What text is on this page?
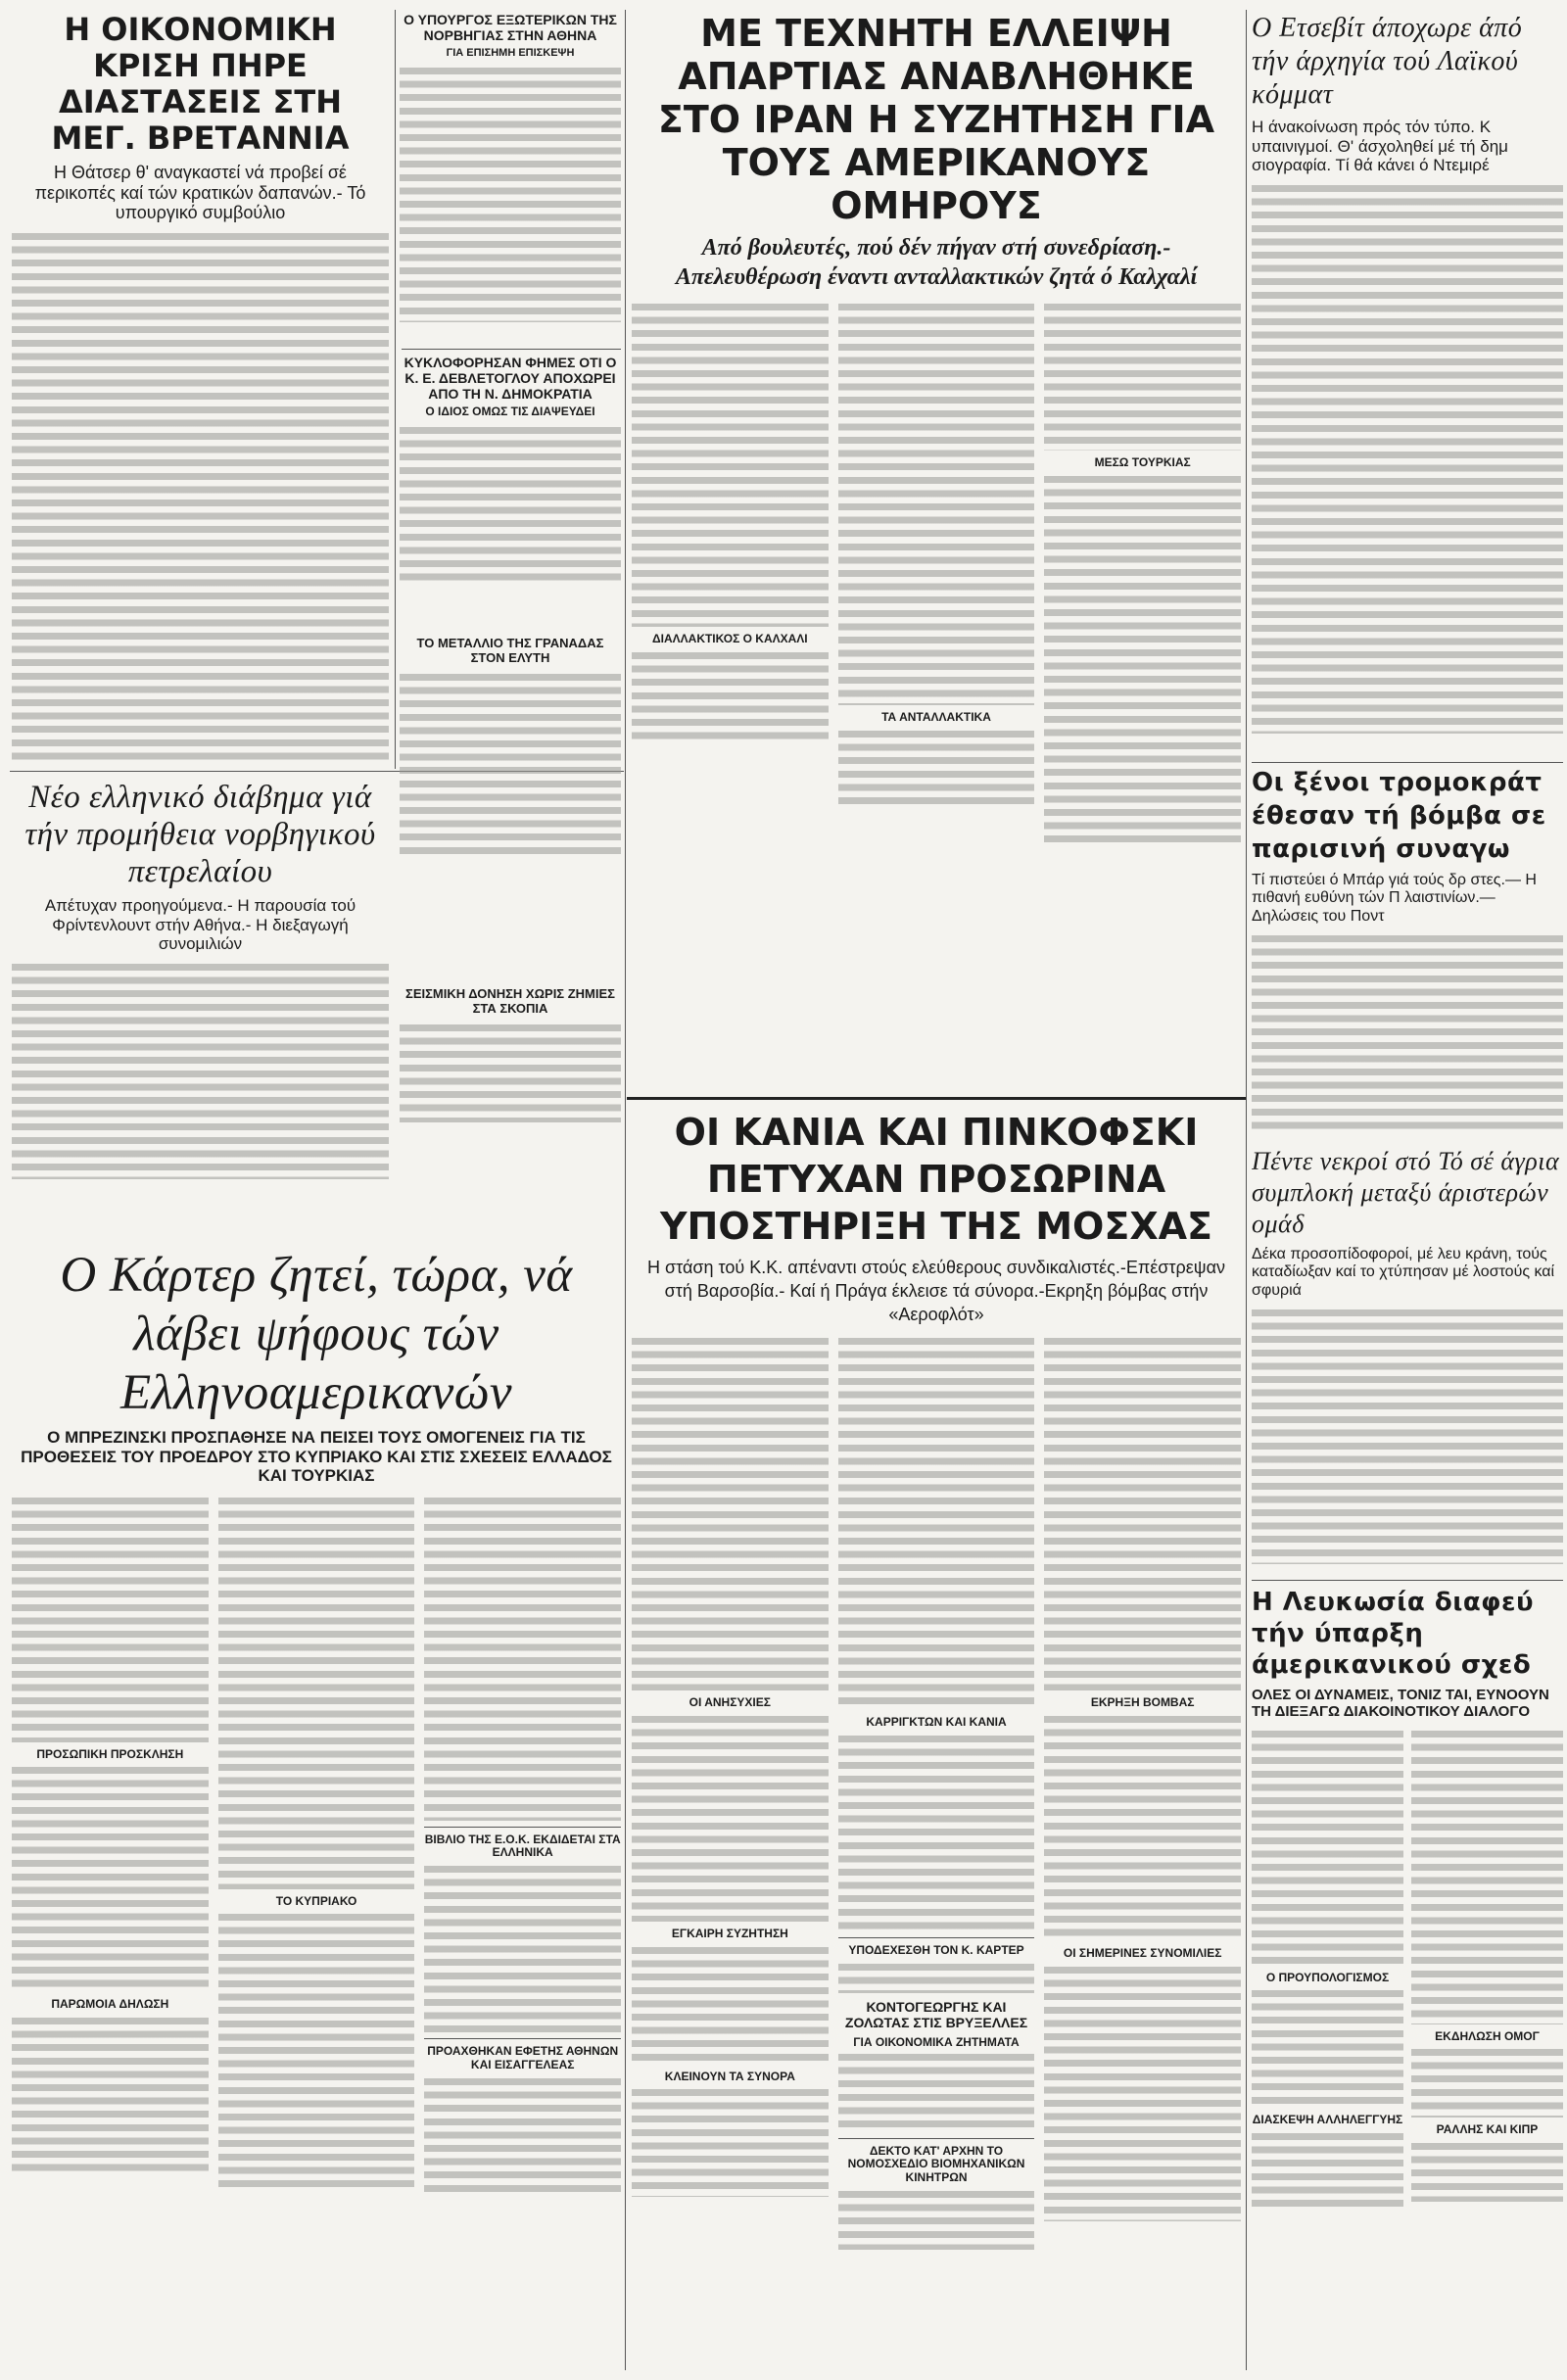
Η ΟΙΚΟΝΟΜΙΚΗ ΚΡΙΣΗ ΠΗΡΕ ΔΙΑΣΤΑΣΕΙΣ ΣΤΗ ΜΕΓ. ΒΡΕΤΑΝΝΙΑ

Η Θάτσερ θ' αναγκαστεί νά προβεί σέ περικοπές καί τών κρατικών δαπανών.- Τό υπουργικό συμβούλιο

Ο ΥΠΟΥΡΓΟΣ ΕΞΩΤΕΡΙΚΩΝ ΤΗΣ ΝΟΡΒΗΓΙΑΣ ΣΤΗΝ ΑΘΗΝΑ
ΓΙΑ ΕΠΙΣΗΜΗ ΕΠΙΣΚΕΨΗ
ΚΥΚΛΟΦΟΡΗΣΑΝ ΦΗΜΕΣ ΟΤΙ Ο Κ. Ε. ΔΕΒΛΕΤΟΓΛΟΥ ΑΠΟΧΩΡΕΙ ΑΠΟ ΤΗ Ν. ΔΗΜΟΚΡΑΤΙΑ
Ο ΙΔΙΟΣ ΟΜΩΣ ΤΙΣ ΔΙΑΨΕΥΔΕΙ
Νέο ελληνικό διάβημα γιά τήν προμήθεια νορβηγικού πετρελαίου

Απέτυχαν προηγούμενα.- Η παρουσία τού Φρίντενλουντ στήν Αθήνα.- Η διεξαγωγή συνομιλιών

ΤΟ ΜΕΤΑΛΛΙΟ ΤΗΣ ΓΡΑΝΑΔΑΣ ΣΤΟΝ ΕΛΥΤΗ
ΣΕΙΣΜΙΚΗ ΔΟΝΗΣΗ ΧΩΡΙΣ ΖΗΜΙΕΣ ΣΤΑ ΣΚΟΠΙΑ
Ο Κάρτερ ζητεί, τώρα, νά λάβει ψήφους τών Ελληνοαμερικανών

Ο ΜΠΡΕΖΙΝΣΚΙ ΠΡΟΣΠΑΘΗΣΕ ΝΑ ΠΕΙΣΕΙ ΤΟΥΣ ΟΜΟΓΕΝΕΙΣ ΓΙΑ ΤΙΣ ΠΡΟΘΕΣΕΙΣ ΤΟΥ ΠΡΟΕΔΡΟΥ ΣΤΟ ΚΥΠΡΙΑΚΟ ΚΑΙ ΣΤΙΣ ΣΧΕΣΕΙΣ ΕΛΛΑΔΟΣ ΚΑΙ ΤΟΥΡΚΙΑΣ

ΠΡΟΣΩΠΙΚΗ ΠΡΟΣΚΛΗΣΗ
ΠΑΡΩΜΟΙΑ ΔΗΛΩΣΗ
ΤΟ ΚΥΠΡΙΑΚΟ
ΒΙΒΛΙΟ ΤΗΣ Ε.Ο.Κ. ΕΚΔΙΔΕΤΑΙ ΣΤΑ ΕΛΛΗΝΙΚΑ
ΠΡΟΑΧΘΗΚΑΝ ΕΦΕΤΗΣ ΑΘΗΝΩΝ ΚΑΙ ΕΙΣΑΓΓΕΛΕΑΣ
ΜΕ ΤΕΧΝΗΤΗ ΕΛΛΕΙΨΗ ΑΠΑΡΤΙΑΣ ΑΝΑΒΛΗΘΗΚΕ ΣΤΟ ΙΡΑΝ Η ΣΥΖΗΤΗΣΗ ΓΙΑ ΤΟΥΣ ΑΜΕΡΙΚΑΝΟΥΣ ΟΜΗΡΟΥΣ

Από βουλευτές, πού δέν πήγαν στή συνεδρίαση.- Απελευθέρωση έναντι ανταλλακτικών ζητά ό Καλχαλί

ΔΙΑΛΛΑΚΤΙΚΟΣ Ο ΚΑΛΧΑΛΙ
ΤΑ ΑΝΤΑΛΛΑΚΤΙΚΑ
ΜΕΣΩ ΤΟΥΡΚΙΑΣ
ΟΙ ΚΑΝΙΑ ΚΑΙ ΠΙΝΚΟΦΣΚΙ ΠΕΤΥΧΑΝ ΠΡΟΣΩΡΙΝΑ ΥΠΟΣΤΗΡΙΞΗ ΤΗΣ ΜΟΣΧΑΣ

Η στάση τού Κ.Κ. απέναντι στούς ελεύθερους συνδικαλιστές.-Επέστρεψαν στή Βαρσοβία.- Καί ή Πράγα έκλεισε τά σύνορα.-Εκρηξη βόμβας στήν «Αεροφλότ»

ΟΙ ΑΝΗΣΥΧΙΕΣ
ΕΓΚΑΙΡΗ ΣΥΖΗΤΗΣΗ
ΚΛΕΙΝΟΥΝ ΤΑ ΣΥΝΟΡΑ
ΚΑΡΡΙΓΚΤΩΝ ΚΑΙ ΚΑΝΙΑ
ΥΠΟΔΕΧΕΣΘΗ ΤΟΝ Κ. ΚΑΡΤΕΡ
ΚΟΝΤΟΓΕΩΡΓΗΣ ΚΑΙ ΖΟΛΩΤΑΣ ΣΤΙΣ ΒΡΥΞΕΛΛΕΣ
ΓΙΑ ΟΙΚΟΝΟΜΙΚΑ ΖΗΤΗΜΑΤΑ
ΔΕΚΤΟ ΚΑΤ' ΑΡΧΗΝ ΤΟ ΝΟΜΟΣΧΕΔΙΟ ΒΙΟΜΗΧΑΝΙΚΩΝ ΚΙΝΗΤΡΩΝ
ΕΚΡΗΞΗ ΒΟΜΒΑΣ
ΟΙ ΣΗΜΕΡΙΝΕΣ ΣΥΝΟΜΙΛΙΕΣ
Ο Ετσεβίτ άποχωρε άπό τήν άρχηγία τού Λαϊκού κόμματ

Η άνακοίνωση πρός τόν τύπο. Κ υπαινιγμοί. Θ' άσχοληθεί μέ τή δημ σιογραφία. Τί θά κάνει ό Ντεμιρέ

Οι ξένοι τρομοκράτ έθεσαν τή βόμβα σε παρισινή συναγω

Τί πιστεύει ό Μπάρ γιά τούς δρ στες.— Η πιθανή ευθύνη τών Π λαιστινίων.— Δηλώσεις του Ποντ

Πέντε νεκροί στό Τό σέ άγρια συμπλοκή μεταξύ άριστερών ομάδ

Δέκα προσοπίδοφοροί, μέ λευ κράνη, τούς καταδίωξαν καί το χτύπησαν μέ λοστούς καί σφυριά

Η Λευκωσία διαφεύ τήν ύπαρξη άμερικανικού σχεδ

ΟΛΕΣ ΟΙ ΔΥΝΑΜΕΙΣ, ΤΟΝΙΖ ΤΑΙ, ΕΥΝΟΟΥΝ ΤΗ ΔΙΕΞΑΓΩ ΔΙΑΚΟΙΝΟΤΙΚΟΥ ΔΙΑΛΟΓΟ

Ο ΠΡΟΥΠΟΛΟΓΙΣΜΟΣ
ΔΙΑΣΚΕΨΗ ΑΛΛΗΛΕΓΓΥΗΣ
ΕΚΔΗΛΩΣΗ ΟΜΟΓ
ΡΑΛΛΗΣ ΚΑΙ ΚΙΠΡ
